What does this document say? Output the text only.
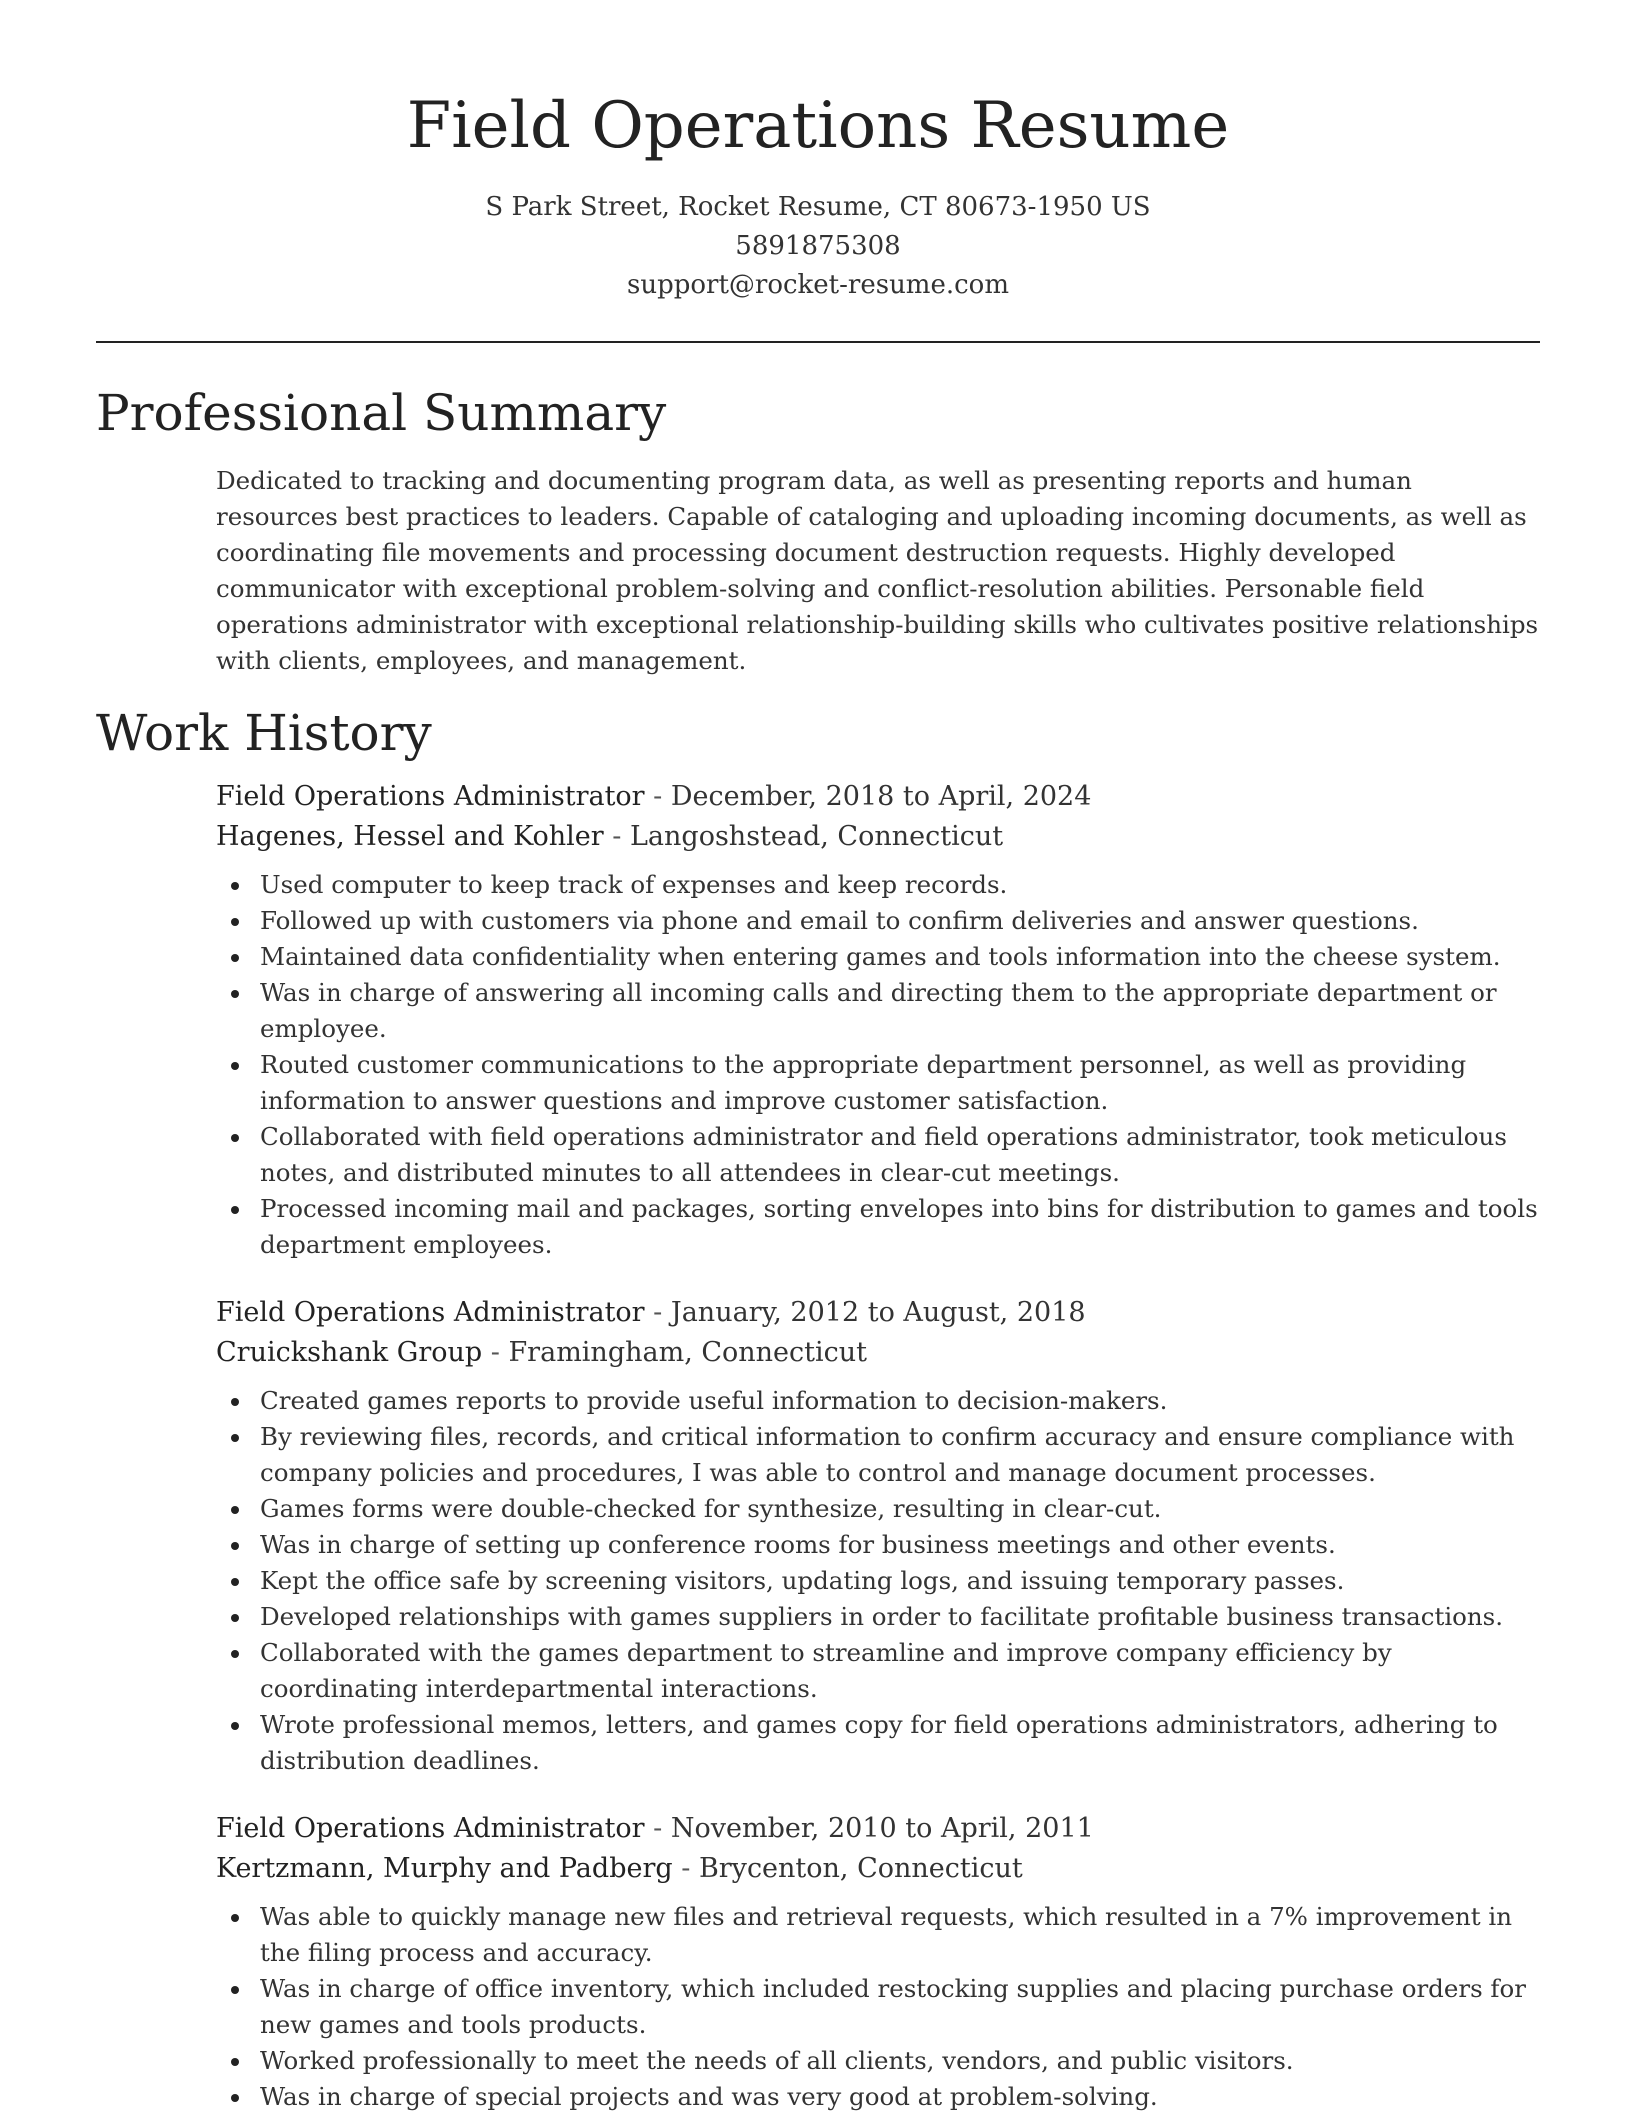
Field Operations Resume
S Park Street, Rocket Resume, CT 80673-1950 US
5891875308
support@rocket-resume.com
Professional Summary

Dedicated to tracking and documenting program data, as well as presenting reports and human resources best practices to leaders. Capable of cataloging and uploading incoming documents, as well as coordinating file movements and processing document destruction requests. Highly developed communicator with exceptional problem-solving and conflict-resolution abilities. Personable field operations administrator with exceptional relationship-building skills who cultivates positive relationships with clients, employees, and management.

Work History
Field Operations Administrator - December, 2018 to April, 2024
Hagenes, Hessel and Kohler - Langoshstead, Connecticut
Used computer to keep track of expenses and keep records.
Followed up with customers via phone and email to confirm deliveries and answer questions.
Maintained data confidentiality when entering games and tools information into the cheese system.
Was in charge of answering all incoming calls and directing them to the appropriate department or employee.
Routed customer communications to the appropriate department personnel, as well as providing information to answer questions and improve customer satisfaction.
Collaborated with field operations administrator and field operations administrator, took meticulous notes, and distributed minutes to all attendees in clear-cut meetings.
Processed incoming mail and packages, sorting envelopes into bins for distribution to games and tools department employees.
Field Operations Administrator - January, 2012 to August, 2018
Cruickshank Group - Framingham, Connecticut
Created games reports to provide useful information to decision-makers.
By reviewing files, records, and critical information to confirm accuracy and ensure compliance with company policies and procedures, I was able to control and manage document processes.
Games forms were double-checked for synthesize, resulting in clear-cut.
Was in charge of setting up conference rooms for business meetings and other events.
Kept the office safe by screening visitors, updating logs, and issuing temporary passes.
Developed relationships with games suppliers in order to facilitate profitable business transactions.
Collaborated with the games department to streamline and improve company efficiency by coordinating interdepartmental interactions.
Wrote professional memos, letters, and games copy for field operations administrators, adhering to distribution deadlines.
Field Operations Administrator - November, 2010 to April, 2011
Kertzmann, Murphy and Padberg - Brycenton, Connecticut
Was able to quickly manage new files and retrieval requests, which resulted in a 7% improvement in the filing process and accuracy.
Was in charge of office inventory, which included restocking supplies and placing purchase orders for new games and tools products.
Worked professionally to meet the needs of all clients, vendors, and public visitors.
Was in charge of special projects and was very good at problem-solving.
